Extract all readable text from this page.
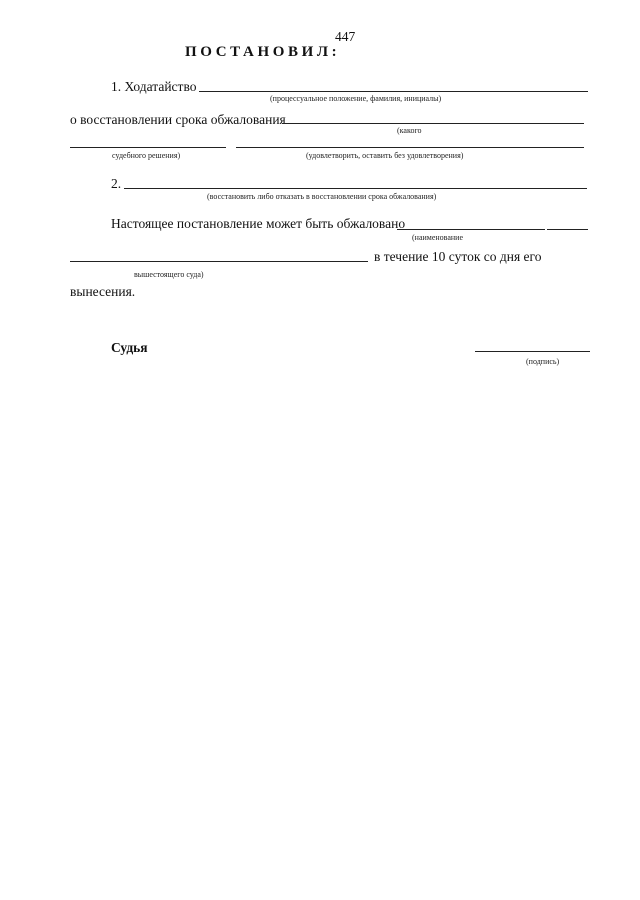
447
ПОСТАНОВИЛ:
1. Ходатайство
(процессуальное положение, фамилия, инициалы)
о восстановлении срока обжалования
(какого
судебного решения)	(удовлетворить, оставить без удовлетворения)
2.
(восстановить либо отказать в восстановлении срока обжалования)
Настоящее постановление может быть обжаловано
(наименование
в течение 10 суток со дня его
вышестоящего суда)
вынесения.
Судья
(подпись)
